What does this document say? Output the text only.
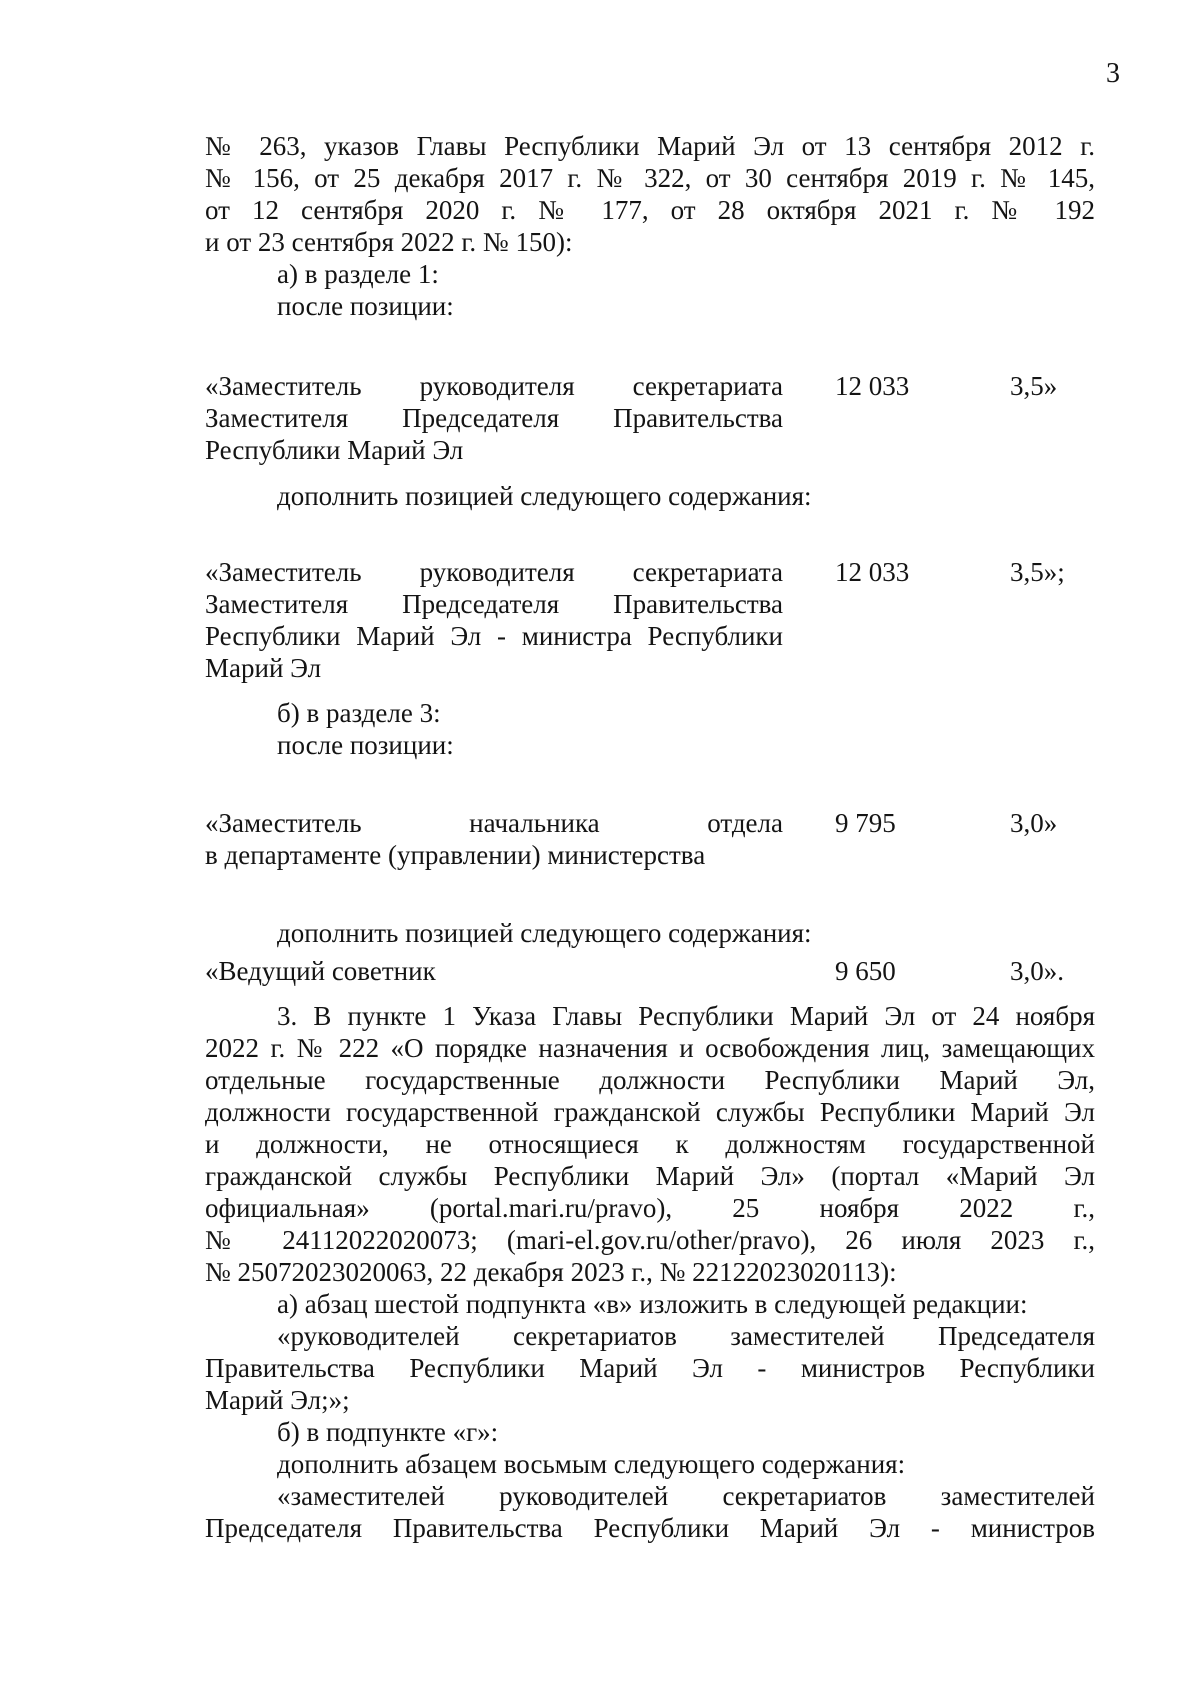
3
№ 263, указов Главы Республики Марий Эл от 13 сентября 2012 г.
№ 156, от 25 декабря 2017 г. № 322, от 30 сентября 2019 г. № 145,
от 12 сентября 2020 г. № 177, от 28 октября 2021 г. № 192
и от 23 сентября 2022 г. № 150):
а) в разделе 1:
после позиции:
«Заместитель руководителя секретариата
Заместителя Председателя Правительства
Республики Марий Эл
12 033	3,5»
дополнить позицией следующего содержания:
«Заместитель руководителя секретариата
Заместителя Председателя Правительства
Республики Марий Эл - министра Республики
Марий Эл
12 033	3,5»;
б) в разделе 3:
после позиции:
«Заместитель начальника отдела
в департаменте (управлении) министерства
9 795	3,0»
дополнить позицией следующего содержания:
«Ведущий советник	9 650	3,0».
3. В пункте 1 Указа Главы Республики Марий Эл от 24 ноября
2022 г. № 222 «О порядке назначения и освобождения лиц, замещающих
отдельные государственные должности Республики Марий Эл,
должности государственной гражданской службы Республики Марий Эл
и должности, не относящиеся к должностям государственной
гражданской службы Республики Марий Эл» (портал «Марий Эл
официальная» (portal.mari.ru/pravo), 25 ноября 2022 г.,
№ 24112022020073; (mari-el.gov.ru/other/pravo), 26 июля 2023 г.,
№ 25072023020063, 22 декабря 2023 г., № 22122023020113):
а) абзац шестой подпункта «в» изложить в следующей редакции:
«руководителей секретариатов заместителей Председателя
Правительства Республики Марий Эл - министров Республики
Марий Эл;»;
б) в подпункте «г»:
дополнить абзацем восьмым следующего содержания:
«заместителей руководителей секретариатов заместителей
Председателя Правительства Республики Марий Эл - министров
